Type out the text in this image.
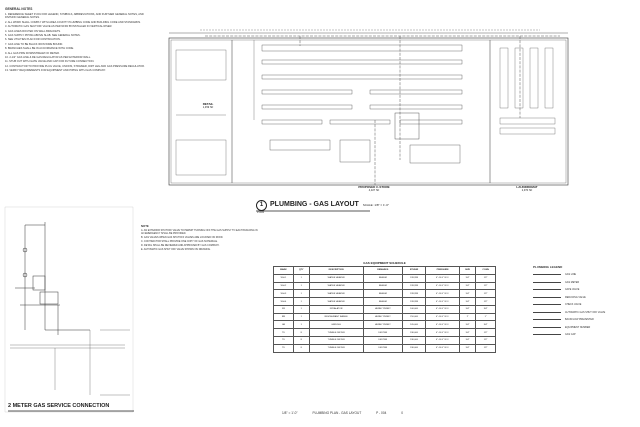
GENERAL NOTES
1. REFERENCE SHEET P-001 FOR LEGEND, SYMBOLS, ABBREVIATIONS, AND FURTHER GENERAL NOTES, AND DIVISION GENERAL NOTES.
2. ALL WORK SHALL COMPLY WITH AREA COUNTY PLUMBING CODE AND BUILDING CODE AND STANDARDS.
3. AUTOMATIC GAS SHUTOFF VALVE AS PER NFPA 58 INSTALLED IN VERTICAL RISER.
4. GAS LINES ROUTED ON WALL BRACKETS.
5. GAS SUPPLY PIPING ABOVE SLAB. SEE GENERAL NOTES.
6. SEE UTILITIES PLAN FOR CONTINUATION.
7. GAS LINE TO BE BLACK IRON WIRE BOUND.
8. BRANCHES SHALL BE IN ACCORDANCE WITH CODE.
9. ALL GAS PIPE DOWNSTREAM OF METER.
10. 2-1/2" GAS LINE & RE GAS REGULATOR AS PER EXTERIOR WALL.
11. STUB OUT WITH GATE VALVE AND CAP FOR FUTURE CONNECTION.
12. CONTRACTOR TO PROVIDE PLUG VALVE, UNIONS, STRAINER, DIRT LEG AND GAS PRESSURE REGULATOR.
13. VERIFY REQUIREMENTS FOR EQUIPMENT AND PIPING WITH GAS COMPANY.
RETAIL
1,459 SF
PROPOSED C-STORE
4,327 SF
LAUNDROMAT
2,970 SF
1 PLUMBING - GAS LAYOUT SCALE: 1/8" = 1'-0"
P-004
2 METER GAS SERVICE CONNECTION
NOTE
A. AN EXTERIOR SHUTOFF VALVE TO PERMIT TURNING OFF THE GAS SUPPLY TO EACH BUILDING IN AN EMERGENCY SHALL BE PROVIDED.
B. GAS VALVES WHEN GAS SHUTOFF VALVES ARE LOCATED ON ROOF.
C. CONTRACTOR SHALL PROVIDE ONE COPY OF GAS SCHEDULE.
D. DETAIL SHALL BE REVIEWED AND APPROVED BY GAS COMPANY.
E. AUTOMATIC GAS SHUT OFF VALVE SHOWN ON DRAWING.
GAS EQUIPMENT SCHEDULE
MARK	QTY	DESCRIPTION	REMARKS	BTU/HR	PRESSURE	SIZE	CONN
WH-1	1	WATER HEATER	RHEEM	199,999	4"-10.5" W.C.	3/4"	1/2"
WH-2	1	WATER HEATER	RHEEM	199,999	4"-10.5" W.C.	3/4"	1/2"
WH-3	1	WATER HEATER	RHEEM	199,999	4"-10.5" W.C.	3/4"	1/2"
WH-4	1	WATER HEATER	RHEEM	199,999	4"-10.5" W.C.	3/4"	1/2"
FR	1	FRYALATOR	HENNY PENNY	106,000	4"-10.5" W.C.	3/4"	3/4"
RR	1	RESTAURANT RANGE	HENNY PENNY	210,000	4"-10.5" W.C.	1"	1"
GR	1	GRIDDLE	HENNY PENNY	105,000	4"-10.5" W.C.	3/4"	3/4"
TD	8	TUMBLE DRYER	DEXTER	196,000	4"-10.5" W.C.	3/4"	1/2"
TD	8	TUMBLE DRYER	DEXTER	196,000	4"-10.5" W.C.	3/4"	1/2"
TD	8	TUMBLE DRYER	DEXTER	196,000	4"-10.5" W.C.	3/4"	1/2"
PLUMBING LEGEND
GAS LINE
GAS METER
GATE VALVE
REDUCING VALVE
CHECK VALVE
AUTOMATIC GAS SHUT OFF VALVE
BACKFLOW PREVENTER
EQUIPMENT NUMBER
GAS CAP
1/8" = 1'-0"	PLUMBING PLAN - GAS LAYOUT	P - 004	0
